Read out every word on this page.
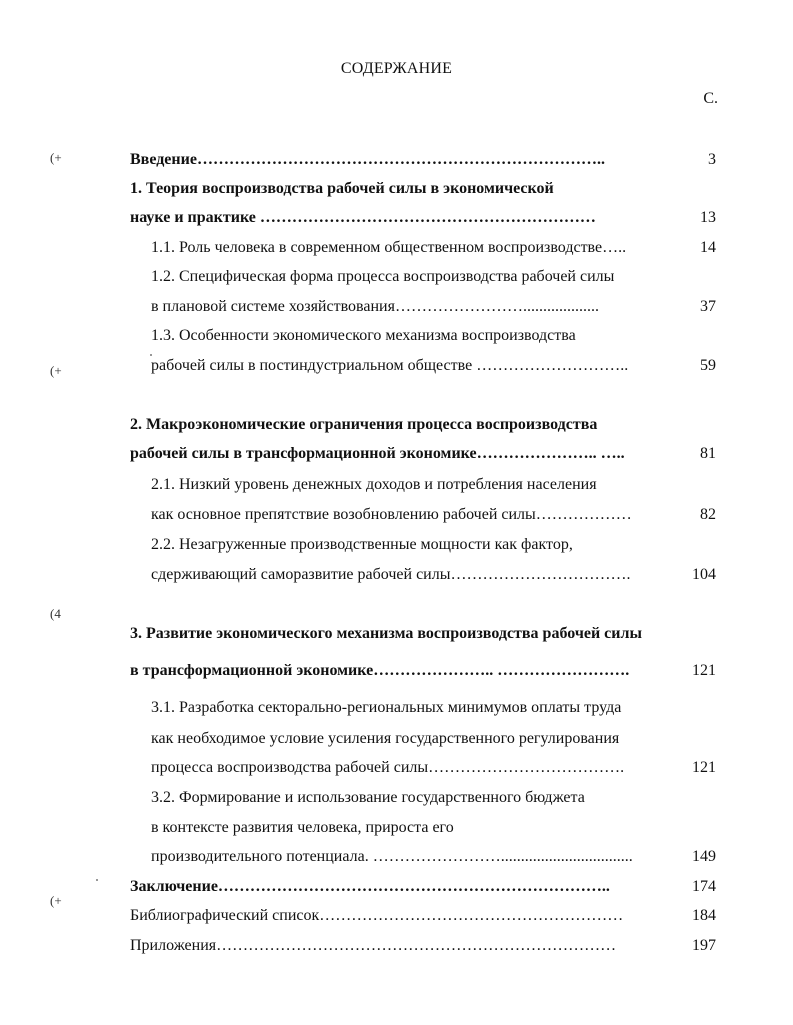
СОДЕРЖАНИЕ
С.
(+
(+
(4
(+
Введение…………………………………………………………………..	3
1. Теория воспроизводства рабочей силы в экономической
науке и практике ………………………………………………………	13
1.1. Роль человека в современном общественном воспроизводстве…..	14
1.2. Специфическая форма процесса воспроизводства рабочей силы
в плановой системе хозяйствования……………………...................	37
1.3. Особенности экономического механизма воспроизводства
рабочей силы в постиндустриальном обществе ………………………..	59
2. Макроэкономические ограничения процесса воспроизводства
рабочей силы в трансформационной экономике………………….. …..	81
2.1. Низкий уровень денежных доходов и потребления населения
как основное препятствие возобновлению рабочей силы………………	82
2.2. Незагруженные производственные мощности как фактор,
сдерживающий саморазвитие рабочей силы…………………………….	104
3. Развитие экономического механизма воспроизводства рабочей силы
в трансформационной экономике………………….. …………………….	121
3.1. Разработка секторально-региональных минимумов оплаты труда
как необходимое условие усиления государственного регулирования
процесса воспроизводства рабочей силы……………………………….	121
3.2. Формирование и использование государственного бюджета
в контексте развития человека, прироста его
производительного потенциала. …………………….................................	149
Заключение………………………………………………………………..	174
Библиографический список…………………………………………………	184
Приложения…………………………………………………………………	197
